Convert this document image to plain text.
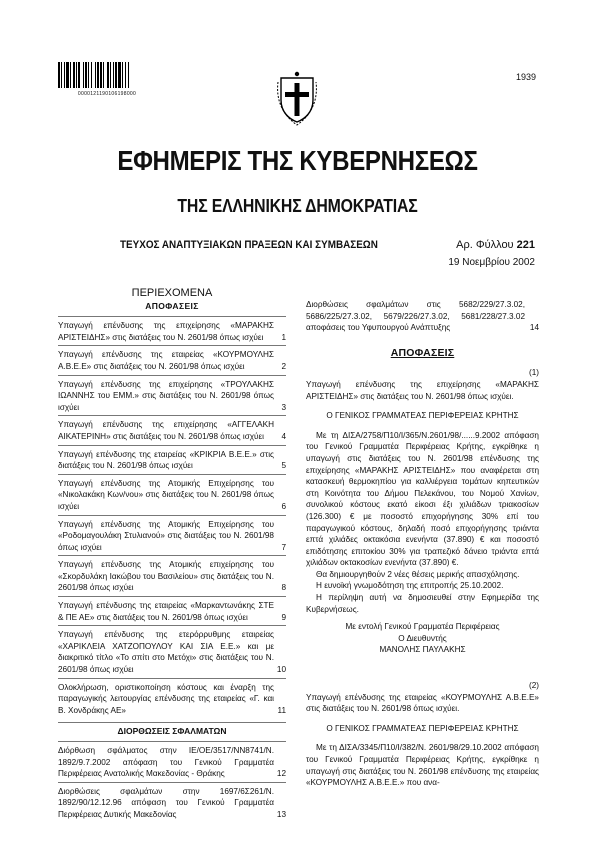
0000121190106198000
1939
ΕΦΗΜΕΡΙΣ ΤΗΣ ΚΥΒΕΡΝΗΣΕΩΣ
ΤΗΣ ΕΛΛΗΝΙΚΗΣ ΔΗΜΟΚΡΑΤΙΑΣ
ΤΕΥΧΟΣ ΑΝΑΠΤΥΞΙΑΚΩΝ ΠΡΑΞΕΩΝ ΚΑΙ ΣΥΜΒΑΣΕΩΝ	Αρ. Φύλλου 221
19 Νοεμβρίου 2002
ΠΕΡΙΕΧΟΜΕΝΑ
ΑΠΟΦΑΣΕΙΣ
Υπαγωγή επένδυσης της επιχείρησης «ΜΑΡΑΚΗΣ ΑΡΙΣΤΕΙΔΗΣ» στις διατάξεις του Ν. 2601/98 όπως ισχύει 1
Υπαγωγή επένδυσης της εταιρείας «ΚΟΥΡΜΟΥΛΗΣ Α.Β.Ε.Ε» στις διατάξεις του Ν. 2601/98 όπως ισχύει	2
Υπαγωγή επένδυσης της επιχείρησης «ΤΡΟΥΛΑΚΗΣ ΙΩΑΝΝΗΣ του ΕΜΜ.» στις διατάξεις του Ν. 2601/98 όπως ισχύει	3
Υπαγωγή επένδυσης της επιχείρησης «ΑΓΓΕΛΑΚΗ ΑΙΚΑΤΕΡΙΝΗ» στις διατάξεις του Ν. 2601/98 όπως ισχύει 4
Υπαγωγή επένδυσης της εταιρείας «ΚΡΙΚΡΙΑ Β.Ε.Ε.» στις διατάξεις του Ν. 2601/98 όπως ισχύει	5
Υπαγωγή επένδυσης της Ατομικής Επιχείρησης του «Νικολακάκη Κων/νου» στις διατάξεις του Ν. 2601/98 όπως ισχύει	6
Υπαγωγή επένδυσης της Ατομικής Επιχείρησης του «Ροδομαγουλάκη Στυλιανού» στις διατάξεις του Ν. 2601/98 όπως ισχύει	7
Υπαγωγή επένδυσης της Ατομικής επιχείρησης του «Σκορδυλάκη Ιακώβου του Βασιλείου» στις διατάξεις του Ν. 2601/98 όπως ισχύει	8
Υπαγωγή επένδυσης της εταιρείας «Μαρκαντωνάκης ΣΤΕ & ΠΕ ΑΕ» στις διατάξεις του Ν. 2601/98 όπως ισχύει	9
Υπαγωγή επένδυσης της ετερόρρυθμης εταιρείας «ΧΑΡΙΚΛΕΙΑ ΧΑΤΖΟΠΟΥΛΟΥ ΚΑΙ ΣΙΑ Ε.Ε.» και με διακριτικό τίτλο «Το σπίτι στο Μετόχι» στις διατάξεις του Ν. 2601/98 όπως ισχύει	10
Ολοκλήρωση, οριστικοποίηση κόστους και έναρξη της παραγωγικής λειτουργίας επένδυσης της εταιρείας «Γ. και Β. Χονδράκης ΑΕ»	11
ΔΙΟΡΘΩΣΕΙΣ ΣΦΑΛΜΑΤΩΝ
Διόρθωση σφάλματος στην ΙΕ/ΟΕ/3517/ΝΝ8741/Ν. 1892/9.7.2002 απόφαση του Γενικού Γραμματέα Περιφέρειας Ανατολικής Μακεδονίας - Θράκης	12
Διορθώσεις σφαλμάτων στην 1697/6Σ261/Ν. 1892/90/12.12.96 απόφαση του Γενικού Γραμματέα Περιφέρειας Δυτικής Μακεδονίας	13
Διορθώσεις σφαλμάτων στις 5682/229/27.3.02, 5686/225/27.3.02, 5679/226/27.3.02, 5681/228/27.3.02 αποφάσεις του Υφυπουργού Ανάπτυξης	14
ΑΠΟΦΑΣΕΙΣ
(1)

Υπαγωγή επένδυσης της επιχείρησης «ΜΑΡΑΚΗΣ ΑΡΙΣΤΕΙΔΗΣ» στις διατάξεις του Ν. 2601/98 όπως ισχύει.

Ο ΓΕΝΙΚΟΣ ΓΡΑΜΜΑΤΕΑΣ ΠΕΡΙΦΕΡΕΙΑΣ ΚΡΗΤΗΣ

Με τη ΔΙΣΑ/2758/Π10/Ι/365/Ν.2601/98/......9.2002 απόφαση του Γενικού Γραμματέα Περιφέρειας Κρήτης, εγκρίθηκε η υπαγωγή στις διατάξεις του Ν. 2601/98 επένδυσης της επιχείρησης «ΜΑΡΑΚΗΣ ΑΡΙΣΤΕΙΔΗΣ» που αναφέρεται στη κατασκευή θερμοκηπίου για καλλιέργεια τομάτων κηπευτικών στη Κοινότητα του Δήμου Πελεκάνου, του Νομού Χανίων, συνολικού κόστους εκατό είκοσι έξι χιλιάδων τριακοσίων (126.300) € με ποσοστό επιχορήγησης 30% επί του παραγωγικού κόστους, δηλαδή ποσό επιχορήγησης τριάντα επτά χιλιάδες οκτακόσια ενενήντα (37.890) € και ποσοστό επιδότησης επιτοκίου 30% για τραπεζικό δάνειο τριάντα επτά χιλιάδων οκτακοσίων ενενήντα (37.890) €.

Θα δημιουργηθούν 2 νέες θέσεις μερικής απασχόλησης.

Η ευνοϊκή γνωμοδότηση της επιτροπής 25.10.2002.

Η περίληψη αυτή να δημοσιευθεί στην Εφημερίδα της Κυβερνήσεως.

Με εντολή Γενικού Γραμματέα Περιφέρειας

Ο Διευθυντής

ΜΑΝΟΛΗΣ ΠΑΥΛΑΚΗΣ

(2)

Υπαγωγή επένδυσης της εταιρείας «ΚΟΥΡΜΟΥΛΗΣ Α.Β.Ε.Ε» στις διατάξεις του Ν. 2601/98 όπως ισχύει.

Ο ΓΕΝΙΚΟΣ ΓΡΑΜΜΑΤΕΑΣ ΠΕΡΙΦΕΡΕΙΑΣ ΚΡΗΤΗΣ

Με τη ΔΙΣΑ/3345/Π10/Ι/382/Ν. 2601/98/29.10.2002 απόφαση του Γενικού Γραμματέα Περιφέρειας Κρήτης, εγκρίθηκε η υπαγωγή στις διατάξεις του Ν. 2601/98 επένδυσης της εταιρείας «ΚΟΥΡΜΟΥΛΗΣ Α.Β.Ε.Ε.» που ανα-
